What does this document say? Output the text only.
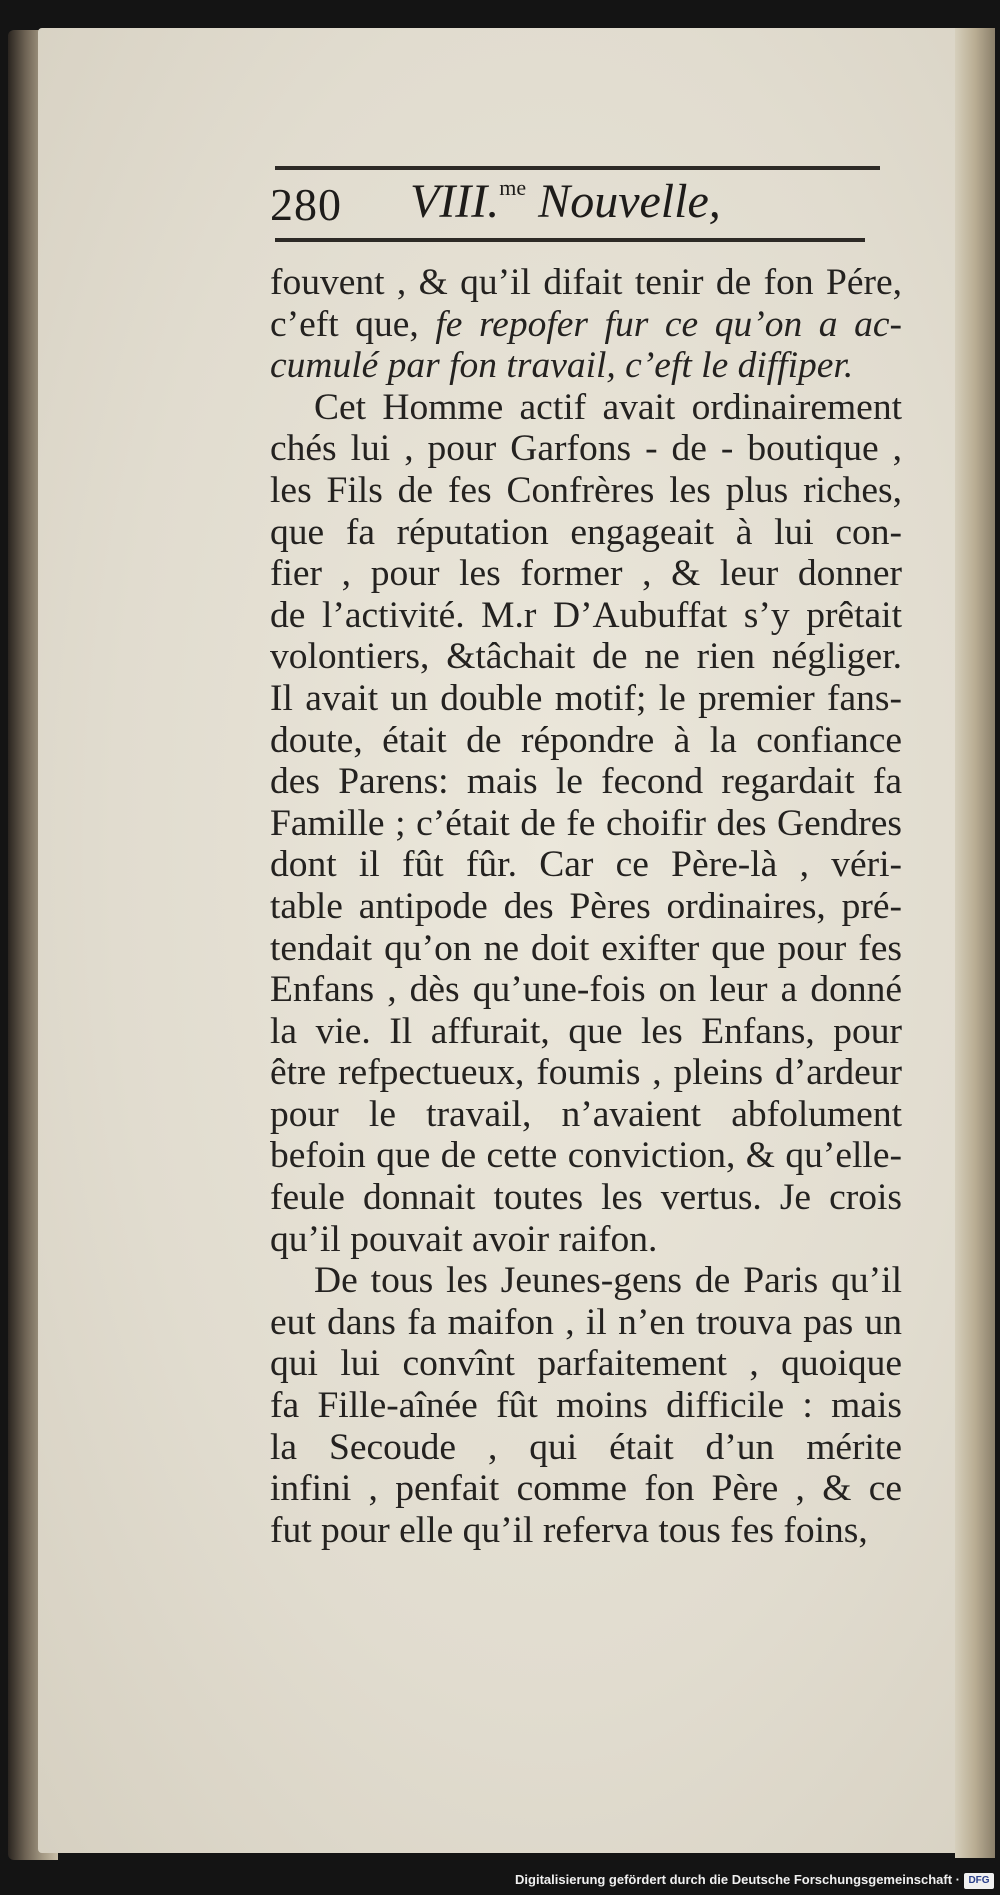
280 VIII.$^{me}$ Nouvelle,
fouvent , & qu’il difait tenir de fon Pére,
c’eft que, fe repofer fur ce qu’on a ac-
cumulé par fon travail, c’eft le diffiper.
Cet Homme actif avait ordinairement
chés lui , pour Garfons - de - boutique ,
les Fils de fes Confrères les plus riches,
que fa réputation engageait à lui con-
fier , pour les former , & leur donner
de l’activité. M.r D’Aubuffat s’y prêtait
volontiers, &tâchait de ne rien négliger.
Il avait un double motif; le premier fans-
doute, était de répondre à la confiance
des Parens: mais le fecond regardait fa
Famille ; c’était de fe choifir des Gendres
dont il fût fûr. Car ce Père-là , véri-
table antipode des Pères ordinaires, pré-
tendait qu’on ne doit exifter que pour fes
Enfans , dès qu’une-fois on leur a donné
la vie. Il affurait, que les Enfans, pour
être refpectueux, foumis , pleins d’ardeur
pour le travail, n’avaient abfolument
befoin que de cette conviction, & qu’elle-
feule donnait toutes les vertus. Je crois
qu’il pouvait avoir raifon.
De tous les Jeunes-gens de Paris qu’il
eut dans fa maifon , il n’en trouva pas un
qui lui convînt parfaitement , quoique
fa Fille-aînée fût moins difficile : mais
la Secoude , qui était d’un mérite
infini , penfait comme fon Père , & ce
fut pour elle qu’il referva tous fes foins,
Digitalisierung gefördert durch die Deutsche Forschungsgemeinschaft · DFG
